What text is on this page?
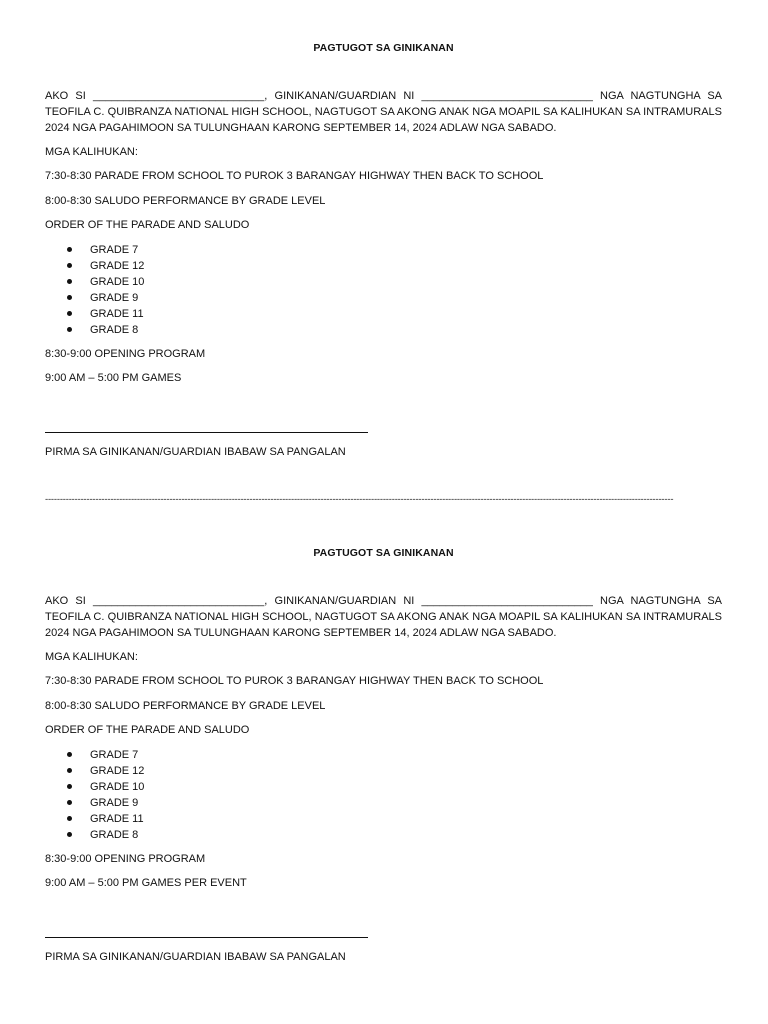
PAGTUGOT SA GINIKANAN

AKO SI ____________________________, GINIKANAN/GUARDIAN NI ____________________________ NGA NAGTUNGHA SA TEOFILA C. QUIBRANZA NATIONAL HIGH SCHOOL, NAGTUGOT SA AKONG ANAK NGA MOAPIL SA KALIHUKAN SA INTRAMURALS 2024 NGA PAGAHIMOON SA TULUNGHAAN KARONG SEPTEMBER 14, 2024 ADLAW NGA SABADO.

MGA KALIHUKAN:
7:30-8:30 PARADE FROM SCHOOL TO PUROK 3 BARANGAY HIGHWAY THEN BACK TO SCHOOL
8:00-8:30 SALUDO PERFORMANCE BY GRADE LEVEL
ORDER OF THE PARADE AND SALUDO
GRADE 7
GRADE 12
GRADE 10
GRADE 9
GRADE 11
GRADE 8
8:30-9:00 OPENING PROGRAM
9:00 AM – 5:00 PM GAMES
PIRMA SA GINIKANAN/GUARDIAN IBABAW SA PANGALAN
--------------------------------------------------------------------------------------------------------------------------------------------------------------------------------------------------------------------
PAGTUGOT SA GINIKANAN

AKO SI ____________________________, GINIKANAN/GUARDIAN NI ____________________________ NGA NAGTUNGHA SA TEOFILA C. QUIBRANZA NATIONAL HIGH SCHOOL, NAGTUGOT SA AKONG ANAK NGA MOAPIL SA KALIHUKAN SA INTRAMURALS 2024 NGA PAGAHIMOON SA TULUNGHAAN KARONG SEPTEMBER 14, 2024 ADLAW NGA SABADO.

MGA KALIHUKAN:
7:30-8:30 PARADE FROM SCHOOL TO PUROK 3 BARANGAY HIGHWAY THEN BACK TO SCHOOL
8:00-8:30 SALUDO PERFORMANCE BY GRADE LEVEL
ORDER OF THE PARADE AND SALUDO
GRADE 7
GRADE 12
GRADE 10
GRADE 9
GRADE 11
GRADE 8
8:30-9:00 OPENING PROGRAM
9:00 AM – 5:00 PM GAMES PER EVENT
PIRMA SA GINIKANAN/GUARDIAN IBABAW SA PANGALAN
